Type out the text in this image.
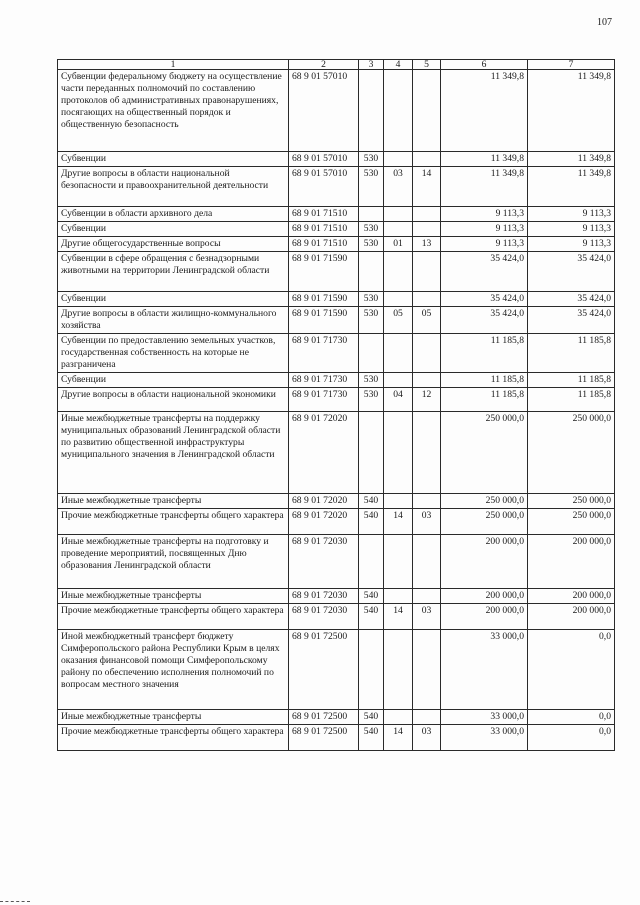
107
1	2	3	4	5	6	7
Субвенции федеральному бюджету на осуществление части переданных полномочий по составлению протоколов об административных правонарушениях, посягающих на общественный порядок и общественную безопасность	68 9 01 57010				11 349,8	11 349,8
Субвенции	68 9 01 57010	530			11 349,8	11 349,8
Другие вопросы в области национальной безопасности и правоохранительной деятельности	68 9 01 57010	530	03	14	11 349,8	11 349,8
Субвенции в области архивного дела	68 9 01 71510				9 113,3	9 113,3
Субвенции	68 9 01 71510	530			9 113,3	9 113,3
Другие общегосударственные вопросы	68 9 01 71510	530	01	13	9 113,3	9 113,3
Субвенции в сфере обращения с безнадзорными животными на территории Ленинградской области	68 9 01 71590				35 424,0	35 424,0
Субвенции	68 9 01 71590	530			35 424,0	35 424,0
Другие вопросы в области жилищно-коммунального хозяйства	68 9 01 71590	530	05	05	35 424,0	35 424,0
Субвенции по предоставлению земельных участков, государственная собственность на которые не разграничена	68 9 01 71730				11 185,8	11 185,8
Субвенции	68 9 01 71730	530			11 185,8	11 185,8
Другие вопросы в области национальной экономики	68 9 01 71730	530	04	12	11 185,8	11 185,8
Иные межбюджетные трансферты на поддержку муниципальных образований Ленинградской области по развитию общественной инфраструктуры муниципального значения в Ленинградской области	68 9 01 72020				250 000,0	250 000,0
Иные межбюджетные трансферты	68 9 01 72020	540			250 000,0	250 000,0
Прочие межбюджетные трансферты общего характера	68 9 01 72020	540	14	03	250 000,0	250 000,0
Иные межбюджетные трансферты на подготовку и проведение мероприятий, посвященных Дню образования Ленинградской области	68 9 01 72030				200 000,0	200 000,0
Иные межбюджетные трансферты	68 9 01 72030	540			200 000,0	200 000,0
Прочие межбюджетные трансферты общего характера	68 9 01 72030	540	14	03	200 000,0	200 000,0
Иной межбюджетный трансферт бюджету Симферопольского района Республики Крым в целях оказания финансовой помощи Симферопольскому району по обеспечению исполнения полномочий по вопросам местного значения	68 9 01 72500				33 000,0	0,0
Иные межбюджетные трансферты	68 9 01 72500	540			33 000,0	0,0
Прочие межбюджетные трансферты общего характера	68 9 01 72500	540	14	03	33 000,0	0,0
